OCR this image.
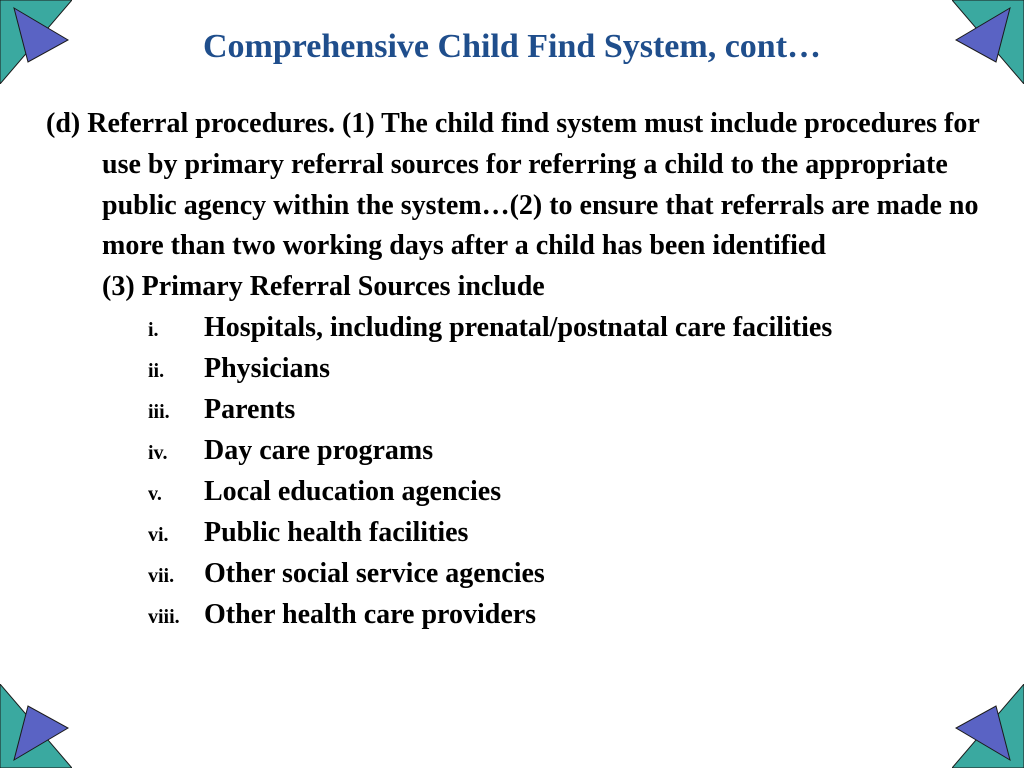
Comprehensive Child Find System, cont…

(d) Referral procedures. (1) The child find system must include procedures for use by primary referral sources for referring a child to the appropriate public agency within the system…(2) to ensure that referrals are made no more than two working days after a child has been identified

(3) Primary Referral Sources include

i.	Hospitals, including prenatal/postnatal care facilities
ii.	Physicians
iii.	Parents
iv.	Day care programs
v.	Local education agencies
vi.	Public health facilities
vii.	Other social service agencies
viii. Other health care providers
